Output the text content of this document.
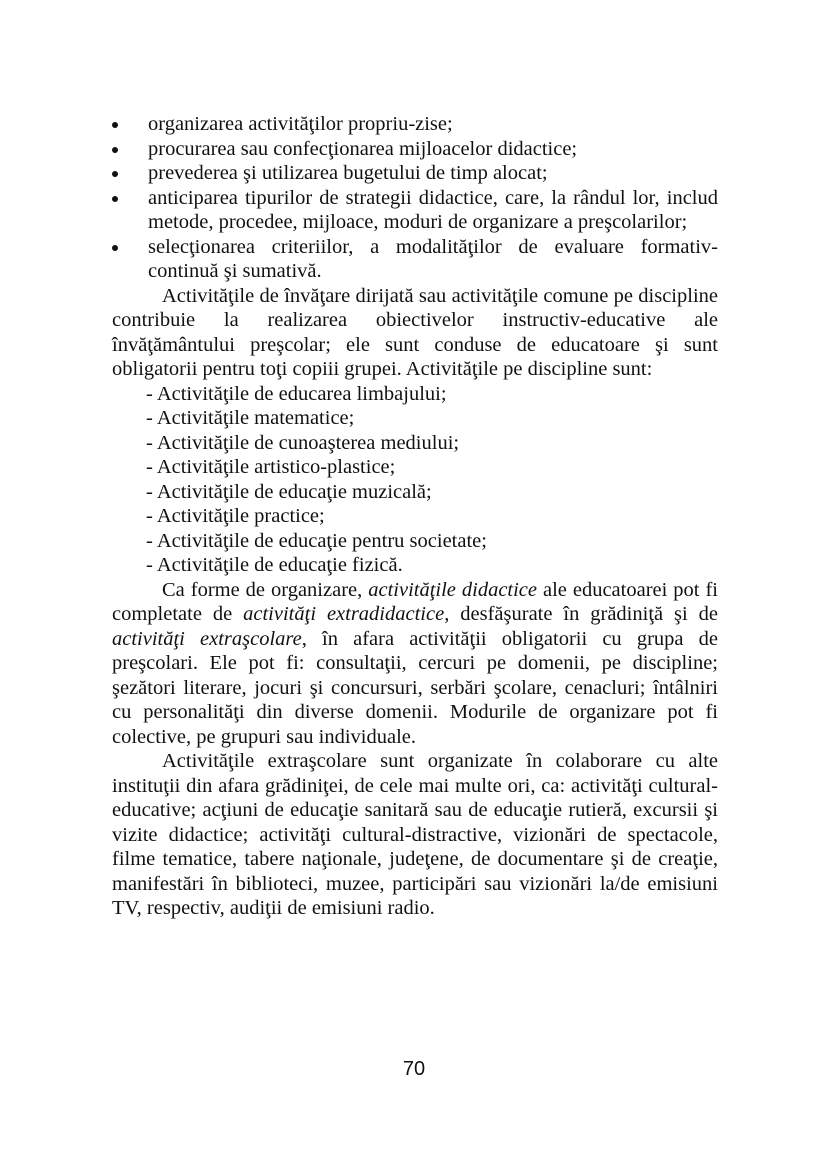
organizarea activităţilor propriu-zise;
procurarea sau confecţionarea mijloacelor didactice;
prevederea şi utilizarea bugetului de timp alocat;
anticiparea tipurilor de strategii didactice, care, la rândul lor, includ metode, procedee, mijloace, moduri de organizare a preşcolarilor;
selecţionarea criteriilor, a modalităţilor de evaluare formativ-continuă şi sumativă.

Activităţile de învăţare dirijată sau activităţile comune pe discipline contribuie la realizarea obiectivelor instructiv-educative ale învăţământului preşcolar; ele sunt conduse de educatoare şi sunt obligatorii pentru toţi copiii grupei. Activităţile pe discipline sunt:

- Activităţile de educarea limbajului;
- Activităţile matematice;
- Activităţile de cunoaşterea mediului;
- Activităţile artistico-plastice;
- Activităţile de educaţie muzicală;
- Activităţile practice;
- Activităţile de educaţie pentru societate;
- Activităţile de educaţie fizică.

Ca forme de organizare, activităţile didactice ale educatoarei pot fi completate de activităţi extradidactice, desfăşurate în grădiniţă şi de activităţi extraşcolare, în afara activităţii obligatorii cu grupa de preşcolari. Ele pot fi: consultaţii, cercuri pe domenii, pe discipline; şezători literare, jocuri şi concursuri, serbări şcolare, cenacluri; întâlniri cu personalităţi din diverse domenii. Modurile de organizare pot fi colective, pe grupuri sau individuale.

Activităţile extraşcolare sunt organizate în colaborare cu alte instituţii din afara grădiniţei, de cele mai multe ori, ca: activităţi cultural-educative; acţiuni de educaţie sanitară sau de educaţie rutieră, excursii şi vizite didactice; activităţi cultural-distractive, vizionări de spectacole, filme tematice, tabere naţionale, judeţene, de documentare şi de creaţie, manifestări în biblioteci, muzee, participări sau vizionări la/de emisiuni TV, respectiv, audiţii de emisiuni radio.

70
